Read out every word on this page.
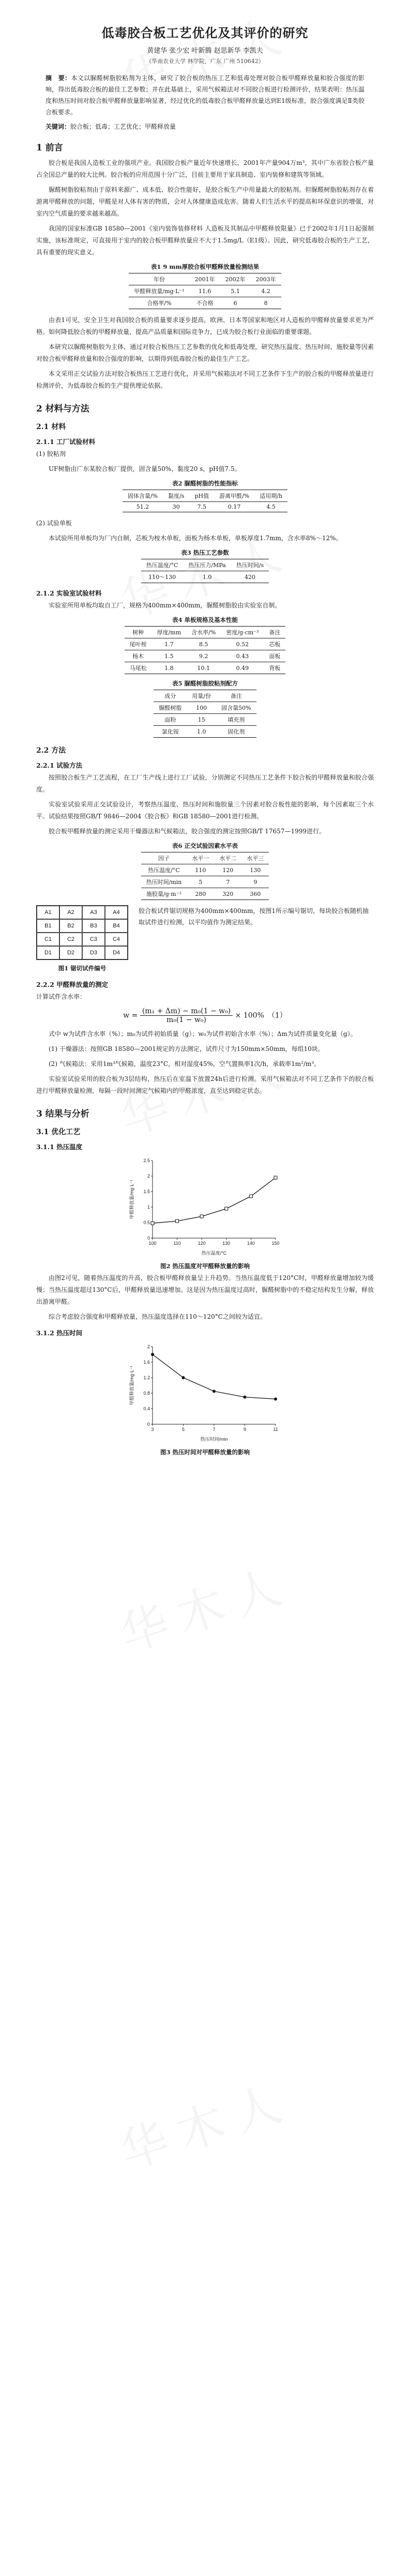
低毒胶合板工艺优化及其评价的研究
黄建华 张少宏 叶新腾 赵思新华 李凯夫
（华南农业大学 林学院，广东 广州 510642）
摘　要：本文以脲醛树脂胶粘剂为主体，研究了胶合板的热压工艺和低毒处理对胶合板甲醛释放量和胶合强度的影响，得出低毒胶合板的最佳工艺参数；并在此基础上，采用气候箱法对不同胶合板进行检测评价，结果表明：热压温度和热压时间对胶合板甲醛释放量影响显著，经过优化的低毒胶合板甲醛释放量达到E1级标准，胶合强度满足Ⅱ类胶合板要求。
关键词：胶合板；低毒；工艺优化；甲醛释放量
1 前言

胶合板是我国人造板工业的强项产业。我国胶合板产量近年快速增长，2001年产量904万m³，其中广东省胶合板产量占全国总产量的较大比例。胶合板的应用范围十分广泛，目前主要用于家具制造、室内装修和建筑等领域。

脲醛树脂胶粘剂由于原料来源广、成本低、胶合性能好，是胶合板生产中用量最大的胶粘剂。但脲醛树脂胶粘剂存在着游离甲醛释放的问题，甲醛是对人体有害的物质，会对人体健康造成危害。随着人们生活水平的提高和环保意识的增强，对室内空气质量的要求越来越高。

我国的国家标准GB 18580—2001《室内装饰装修材料 人造板及其制品中甲醛释放限量》已于2002年1月1日起强制实施，该标准规定，可直接用于室内的胶合板甲醛释放量应不大于1.5mg/L（E1级）。因此，研究低毒胶合板的生产工艺，具有重要的现实意义。

表1 9 mm厚胶合板甲醛释放量检测结果
年份	2001年	2002年	2003年
甲醛释放量/mg·L⁻¹	11.6	5.1	4.2
合格率/%	不合格	6	8

由表1可见，安全卫生对我国胶合板的质量要求逐步提高，欧洲、日本等国家和地区对人造板的甲醛释放量要求更为严格。如何降低胶合板的甲醛释放量，提高产品质量和国际竞争力，已成为胶合板行业面临的重要课题。

本研究以脲醛树脂胶为主体，通过对胶合板热压工艺参数的优化和低毒处理，研究热压温度、热压时间、施胶量等因素对胶合板甲醛释放量和胶合强度的影响，以期得到低毒胶合板的最佳生产工艺。

本文采用正交试验方法对胶合板热压工艺进行优化，并采用气候箱法对不同工艺条件下生产的胶合板的甲醛释放量进行检测评价，为低毒胶合板的生产提供理论依据。

2 材料与方法
2.1 材料
2.1.1 工厂试验材料

(1) 胶粘剂

UF树脂由广东某胶合板厂提供，固含量50%，黏度20 s，pH值7.5。

表2 脲醛树脂的性能指标
固体含量/%	黏度/s	pH值	游离甲醛/%	适用期/h
51.2	30	7.5	0.17	4.5

(2) 试验单板

本试验所用单板均为厂内自制，芯板为桉木单板，面板为杨木单板，单板厚度1.7mm，含水率8%～12%。

表3 热压工艺参数
热压温度/°C	热压压力/MPa	热压时间/s
110～130	1.0	420
2.1.2 实验室试验材料

实验室所用单板均取自工厂，规格为400mm×400mm，脲醛树脂胶由实验室自制。

表4 单板规格及基本性能
树种	厚度/mm	含水率/%	密度/g·cm⁻³	备注
尾叶桉	1.7	8.5	0.52	芯板
杨木	1.5	9.2	0.43	面板
马尾松	1.8	10.1	0.49	背板
表5 脲醛树脂胶粘剂配方
成分	用量/份	备注
脲醛树脂	100	固含量50%
面粉	15	填充剂
氯化铵	1.0	固化剂
2.2 方法
2.2.1 试验方法

按照胶合板生产工艺流程，在工厂生产线上进行工厂试验，分别测定不同热压工艺条件下胶合板的甲醛释放量和胶合强度。

实验室试验采用正交试验设计，考察热压温度、热压时间和施胶量三个因素对胶合板性能的影响，每个因素取三个水平。试验结果按照GB/T 9846—2004《胶合板》和GB 18580—2001进行检测。

胶合板甲醛释放量的测定采用干燥器法和气候箱法，胶合强度的测定按照GB/T 17657—1999进行。

表6 正交试验因素水平表
因子	水平一	水平二	水平三
热压温度/°C	110	120	130
热压时间/min	5	7	9
施胶量/g·m⁻²	280	320	360
A1	A2	A3	A4
B1	B2	B3	B4
C1	C2	C3	C4
D1	D2	D3	D4
图1 锯切试件编号
胶合板试件锯切规格为400mm×400mm，按图1所示编号锯切，每块胶合板随机抽取试件进行检测，以平均值作为测定结果。
2.2.2 甲醛释放量的测定

计算试件含水率：

$w = \frac{\text{(m₁ + Δm) − m₀(1 − w₀)}}{\text{m₀(1 − w₀)}} \times 100\%$　（1）

式中 w为试件含水率（%）；m₀为试件初始质量（g）；w₀为试件初始含水率（%）；Δm为试件质量变化量（g）。

(1) 干燥器法：按照GB 18580—2001规定的方法测定，试件尺寸为150mm×50mm，每组10块。

(2) 气候箱法：采用1m³气候箱，温度23°C，相对湿度45%，空气置换率1次/h，承载率1m²/m³。

实验室试验采用的胶合板为3层结构，热压后在室温下放置24h后进行检测。采用气候箱法对不同工艺条件下的胶合板进行甲醛释放量检测，每隔一段时间测定气候箱内的甲醛浓度，直至达到稳定状态。

3 结果与分析
3.1 优化工艺
3.1.1 热压温度
0
0.5
1
1.5
2
2.5
100	110	120	130	140	150
热压温度/°C
甲醛释放量/mg·L⁻¹
图2 热压温度对甲醛释放量的影响

由图2可见，随着热压温度的升高，胶合板甲醛释放量呈上升趋势。当热压温度低于120°C时，甲醛释放量增加较为缓慢；当热压温度超过130°C后，甲醛释放量迅速增加。这是因为热压温度过高时，脲醛树脂中的不稳定结构发生分解，释放出游离甲醛。

综合考虑胶合强度和甲醛释放量，热压温度选择在110～120°C之间较为适宜。

3.1.2 热压时间
0
0.4
0.8
1.2
1.6
2
3	5	7	9	11
热压时间/min
甲醛释放量/mg·L⁻¹
图3 热压时间对甲醛释放量的影响
